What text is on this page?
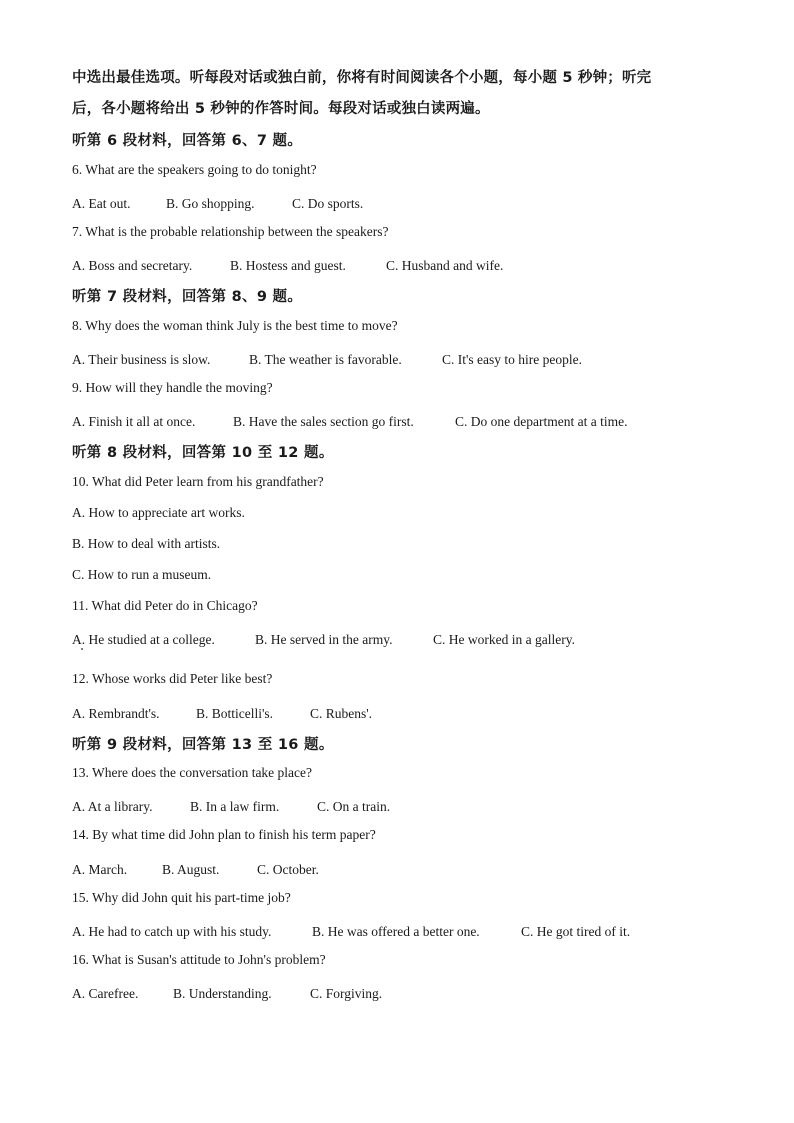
中选出最佳选项。听每段对话或独白前，你将有时间阅读各个小题，每小题 5 秒钟；听完
后，各小题将给出 5 秒钟的作答时间。每段对话或独白读两遍。
听第 6 段材料，回答第 6、7 题。
6. What are the speakers going to do tonight?
A. Eat out.	B. Go shopping.	C. Do sports.
7. What is the probable relationship between the speakers?
A. Boss and secretary.	B. Hostess and guest.	C. Husband and wife.
听第 7 段材料，回答第 8、9 题。
8. Why does the woman think July is the best time to move?
A. Their business is slow.	B. The weather is favorable.	C. It's easy to hire people.
9. How will they handle the moving?
A. Finish it all at once.	B. Have the sales section go first.	C. Do one department at a time.
听第 8 段材料，回答第 10 至 12 题。
10. What did Peter learn from his grandfather?
A. How to appreciate art works.
B. How to deal with artists.
C. How to run a museum.
11. What did Peter do in Chicago?
A. He studied at a college.	B. He served in the army.	C. He worked in a gallery.
12. Whose works did Peter like best?
A. Rembrandt's.	B. Botticelli's.	C. Rubens'.
听第 9 段材料，回答第 13 至 16 题。
13. Where does the conversation take place?
A. At a library.	B. In a law firm.	C. On a train.
14. By what time did John plan to finish his term paper?
A. March.	B. August.	C. October.
15. Why did John quit his part-time job?
A. He had to catch up with his study.	B. He was offered a better one.	C. He got tired of it.
16. What is Susan's attitude to John's problem?
A. Carefree.	B. Understanding.	C. Forgiving.
